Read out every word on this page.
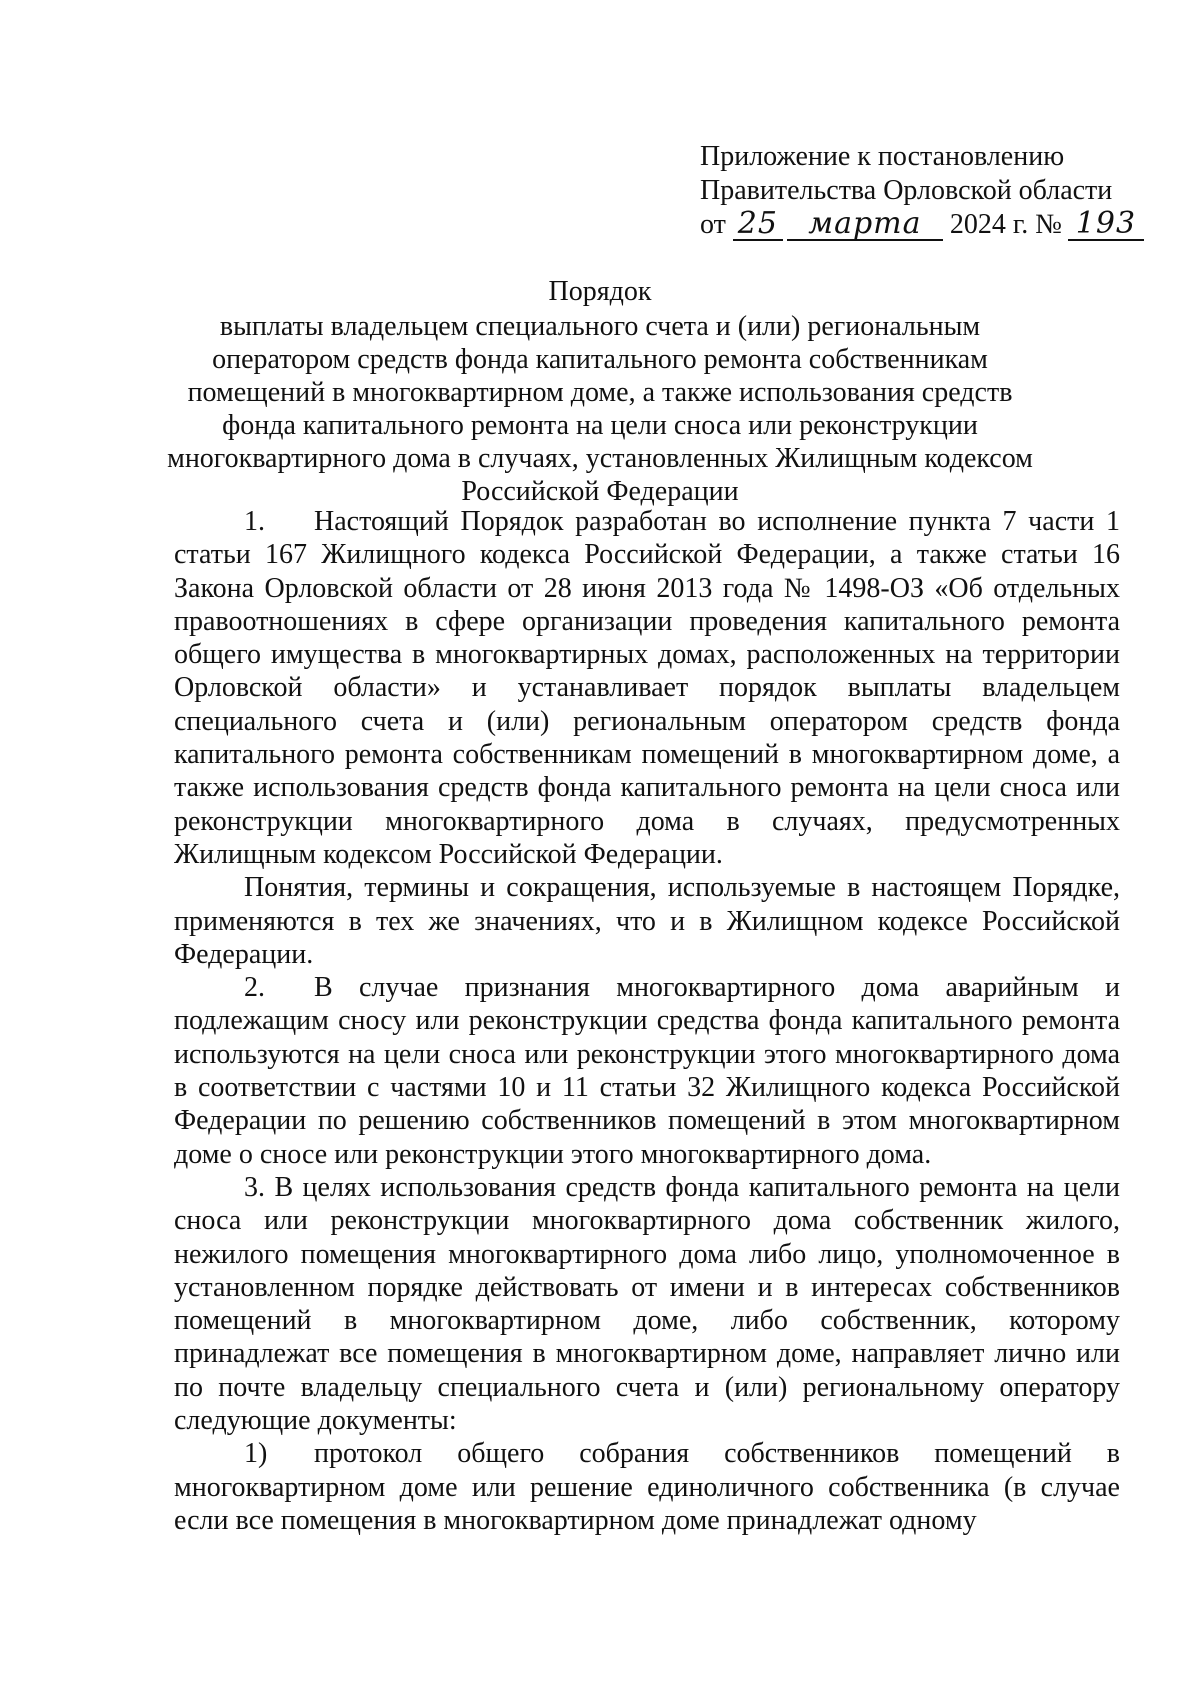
Приложение к постановлению
Правительства Орловской области
от 25 марта 2024 г. № 193
Порядок
выплаты владельцем специального счета и (или) региональным оператором средств фонда капитального ремонта собственникам помещений в многоквартирном доме, а также использования средств фонда капитального ремонта на цели сноса или реконструкции многоквартирного дома в случаях, установленных Жилищным кодексом Российской Федерации

1. Настоящий Порядок разработан во исполнение пункта 7 части 1 статьи 167 Жилищного кодекса Российской Федерации, а также статьи 16 Закона Орловской области от 28 июня 2013 года № 1498-ОЗ «Об отдельных правоотношениях в сфере организации проведения капитального ремонта общего имущества в многоквартирных домах, расположенных на территории Орловской области» и устанавливает порядок выплаты владельцем специального счета и (или) региональным оператором средств фонда капитального ремонта собственникам помещений в многоквартирном доме, а также использования средств фонда капитального ремонта на цели сноса или реконструкции многоквартирного дома в случаях, предусмотренных Жилищным кодексом Российской Федерации.

Понятия, термины и сокращения, используемые в настоящем Порядке, применяются в тех же значениях, что и в Жилищном кодексе Российской Федерации.

2. В случае признания многоквартирного дома аварийным и подлежащим сносу или реконструкции средства фонда капитального ремонта используются на цели сноса или реконструкции этого многоквартирного дома в соответствии с частями 10 и 11 статьи 32 Жилищного кодекса Российской Федерации по решению собственников помещений в этом многоквартирном доме о сносе или реконструкции этого многоквартирного дома.

3. В целях использования средств фонда капитального ремонта на цели сноса или реконструкции многоквартирного дома собственник жилого, нежилого помещения многоквартирного дома либо лицо, уполномоченное в установленном порядке действовать от имени и в интересах собственников помещений в многоквартирном доме, либо собственник, которому принадлежат все помещения в многоквартирном доме, направляет лично или по почте владельцу специального счета и (или) региональному оператору следующие документы:

1) протокол общего собрания собственников помещений в многоквартирном доме или решение единоличного собственника (в случае если все помещения в многоквартирном доме принадлежат одному
